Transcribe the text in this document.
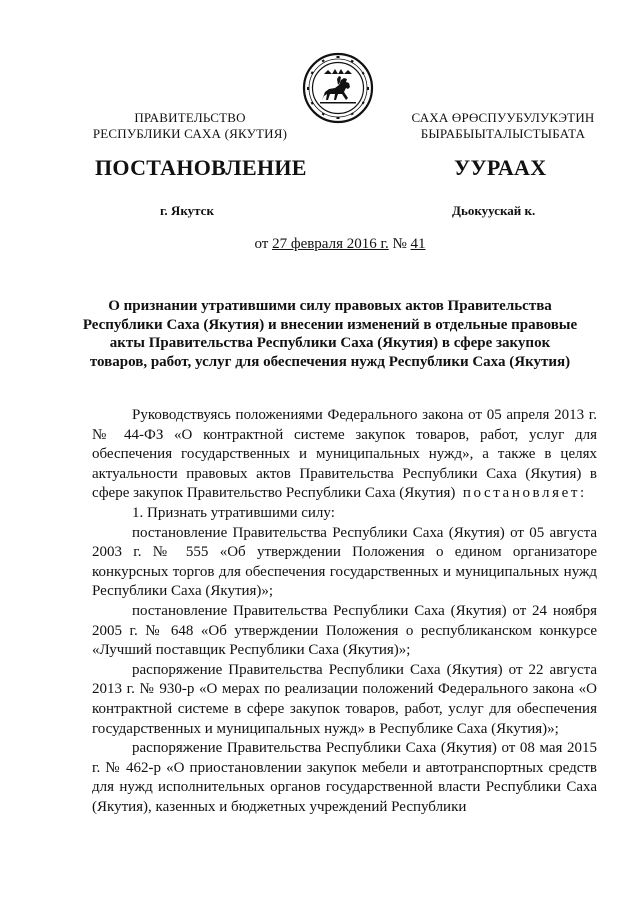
ПРАВИТЕЛЬСТВО
РЕСПУБЛИКИ САХА (ЯКУТИЯ)
САХА ӨРӨСПУУБУЛУКЭТИН
БЫРАБЫЫТАЛЫСТЫБАТА
ПОСТАНОВЛЕНИЕ	УУРААХ
г. Якутск	Дьокуускай к.
от 27 февраля 2016 г. № 41
О признании утратившими силу правовых актов Правительства Республики Саха (Якутия) и внесении изменений в отдельные правовые акты Правительства Республики Саха (Якутия) в сфере закупок товаров, работ, услуг для обеспечения нужд Республики Саха (Якутия)

Руководствуясь положениями Федерального закона от 05 апреля 2013 г. № 44-ФЗ «О контрактной системе закупок товаров, работ, услуг для обеспечения государственных и муниципальных нужд», а также в целях актуальности правовых актов Правительства Республики Саха (Якутия) в сфере закупок Правительство Республики Саха (Якутия) постановляет:

1. Признать утратившими силу:

постановление Правительства Республики Саха (Якутия) от 05 августа 2003 г. № 555 «Об утверждении Положения о едином организаторе конкурсных торгов для обеспечения государственных и муниципальных нужд Республики Саха (Якутия)»;

постановление Правительства Республики Саха (Якутия) от 24 ноября 2005 г. № 648 «Об утверждении Положения о республиканском конкурсе «Лучший поставщик Республики Саха (Якутия)»;

распоряжение Правительства Республики Саха (Якутия) от 22 августа 2013 г. № 930-р «О мерах по реализации положений Федерального закона «О контрактной системе в сфере закупок товаров, работ, услуг для обеспечения государственных и муниципальных нужд» в Республике Саха (Якутия)»;

распоряжение Правительства Республики Саха (Якутия) от 08 мая 2015 г. № 462-р «О приостановлении закупок мебели и автотранспортных средств для нужд исполнительных органов государственной власти Республики Саха (Якутия), казенных и бюджетных учреждений Республики
